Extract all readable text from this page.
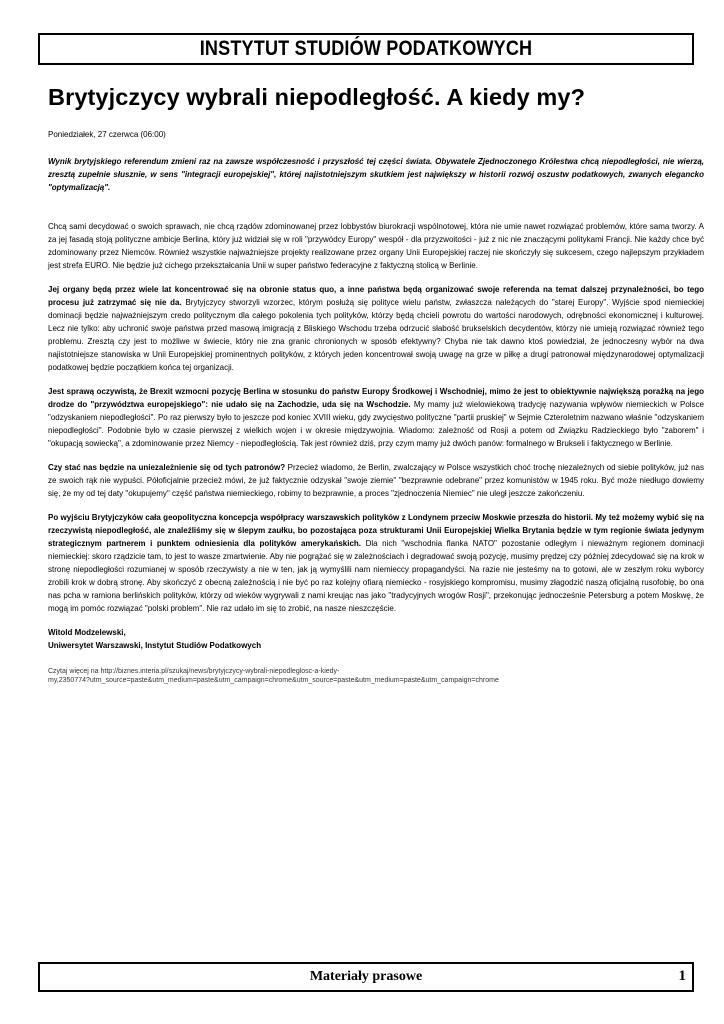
INSTYTUT STUDIÓW PODATKOWYCH
Brytyjczycy wybrali niepodległość. A kiedy my?
Poniedziałek, 27 czerwca (06:00)

Wynik brytyjskiego referendum zmieni raz na zawsze współczesność i przyszłość tej części świata. Obywatele Zjednoczonego Królestwa chcą niepodległości, nie wierzą, zresztą zupełnie słusznie, w sens "integracji europejskiej", której najistotniejszym skutkiem jest największy w historii rozwój oszustw podatkowych, zwanych elegancko "optymalizacją".

Chcą sami decydować o swoich sprawach, nie chcą rządów zdominowanej przez lobbystów biurokracji wspólnotowej, która nie umie nawet rozwiązać problemów, które sama tworzy. A za jej fasadą stoją polityczne ambicje Berlina, który już widział się w roli "przywódcy Europy" wespół - dla przyzwoitości - już z nic nie znaczącymi politykami Francji. Nie każdy chce być zdominowany przez Niemców. Również wszystkie najważniejsze projekty realizowane przez organy Unii Europejskiej raczej nie skończyły się sukcesem, czego najlepszym przykładem jest strefa EURO. Nie będzie już cichego przekształcania Unii w super państwo federacyjne z faktyczną stolicą w Berlinie.

Jej organy będą przez wiele lat koncentrować się na obronie status quo, a inne państwa będą organizować swoje referenda na temat dalszej przynależności, bo tego procesu już zatrzymać się nie da. Brytyjczycy stworzyli wzorzec, którym posłużą się polityce wielu państw, zwłaszcza należących do "starej Europy". Wyjście spod niemieckiej dominacji będzie najważniejszym credo politycznym dla całego pokolenia tych polityków, którzy będą chcieli powrotu do wartości narodowych, odrębności ekonomicznej i kulturowej. Lecz nie tylko: aby uchronić swoje państwa przed masową imigracją z Bliskiego Wschodu trzeba odrzucić słabość brukselskich decydentów, którzy nie umieją rozwiązać również tego problemu. Zresztą czy jest to możliwe w świecie, który nie zna granic chronionych w sposób efektywny? Chyba nie tak dawno ktoś powiedział, że jednoczesny wybór na dwa najistotniejsze stanowiska w Unii Europejskiej prominentnych polityków, z których jeden koncentrował swoją uwagę na grze w piłkę a drugi patronował międzynarodowej optymalizacji podatkowej będzie początkiem końca tej organizacji.

Jest sprawą oczywistą, że Brexit wzmocni pozycję Berlina w stosunku do państw Europy Środkowej i Wschodniej, mimo że jest to obiektywnie największą porażką na jego drodze do "przywództwa europejskiego": nie udało się na Zachodzie, uda się na Wschodzie. My mamy już wielowiekową tradycję nazywania wpływów niemieckich w Polsce "odzyskaniem niepodległości". Po raz pierwszy było to jeszcze pod koniec XVIII wieku, gdy zwycięstwo polityczne "partii pruskiej" w Sejmie Czteroletnim nazwano właśnie "odzyskaniem niepodległości". Podobnie było w czasie pierwszej z wielkich wojen i w okresie międzywojnia. Wiadomo: zależność od Rosji a potem od Związku Radzieckiego było "zaborem" i "okupacją sowiecką", a zdominowanie przez Niemcy - niepodległością. Tak jest również dziś, przy czym mamy już dwóch panów: formalnego w Brukseli i faktycznego w Berlinie.

Czy stać nas będzie na uniezależnienie się od tych patronów? Przecież wiadomo, że Berlin, zwalczający w Polsce wszystkich choć trochę niezależnych od siebie polityków, już nas ze swoich rąk nie wypuści. Półoficjalnie przecież mówi, że już faktycznie odzyskał "swoje ziemie" "bezprawnie odebrane" przez komunistów w 1945 roku. Być może niedługo dowiemy się, że my od tej daty "okupujemy" część państwa niemieckiego, robimy to bezprawnie, a proces "zjednoczenia Niemiec" nie uległ jeszcze zakończeniu.

Po wyjściu Brytyjczyków cała geopolityczna koncepcja współpracy warszawskich polityków z Londynem przeciw Moskwie przeszła do historii. My też możemy wybić się na rzeczywistą niepodległość, ale znaleźliśmy się w ślepym zaułku, bo pozostająca poza strukturami Unii Europejskiej Wielka Brytania będzie w tym regionie świata jedynym strategicznym partnerem i punktem odniesienia dla polityków amerykańskich. Dla nich "wschodnia flanka NATO" pozostanie odległym i nieważnym regionem dominacji niemieckiej: skoro rządzicie tam, to jest to wasze zmartwienie. Aby nie pogrążać się w zależnościach i degradować swoją pozycję, musimy prędzej czy później zdecydować się na krok w stronę niepodległości rozumianej w sposób rzeczywisty a nie w ten, jak ją wymyślili nam niemieccy propagandyści. Na razie nie jesteśmy na to gotowi, ale w zeszłym roku wyborcy zrobili krok w dobrą stronę. Aby skończyć z obecną zależnością i nie być po raz kolejny ofiarą niemiecko - rosyjskiego kompromisu, musimy złagodzić naszą oficjalną rusofobię, bo ona nas pcha w ramiona berlińskich polityków, którzy od wieków wygrywali z nami kreując nas jako "tradycyjnych wrogów Rosji", przekonując jednocześnie Petersburg a potem Moskwę, że mogą im pomóc rozwiązać "polski problem". Nie raz udało im się to zrobić, na nasze nieszczęście.

Witold Modzelewski,
Uniwersytet Warszawski, Instytut Studiów Podatkowych

Czytaj więcej na http://biznes.interia.pl/szukaj/news/brytyjczycy-wybrali-niepodleglosc-a-kiedy-
my,2350774?utm_source=paste&utm_medium=paste&utm_campaign=chrome&utm_source=paste&utm_medium=paste&utm_campaign=chrome
Materiały prasowe	1
